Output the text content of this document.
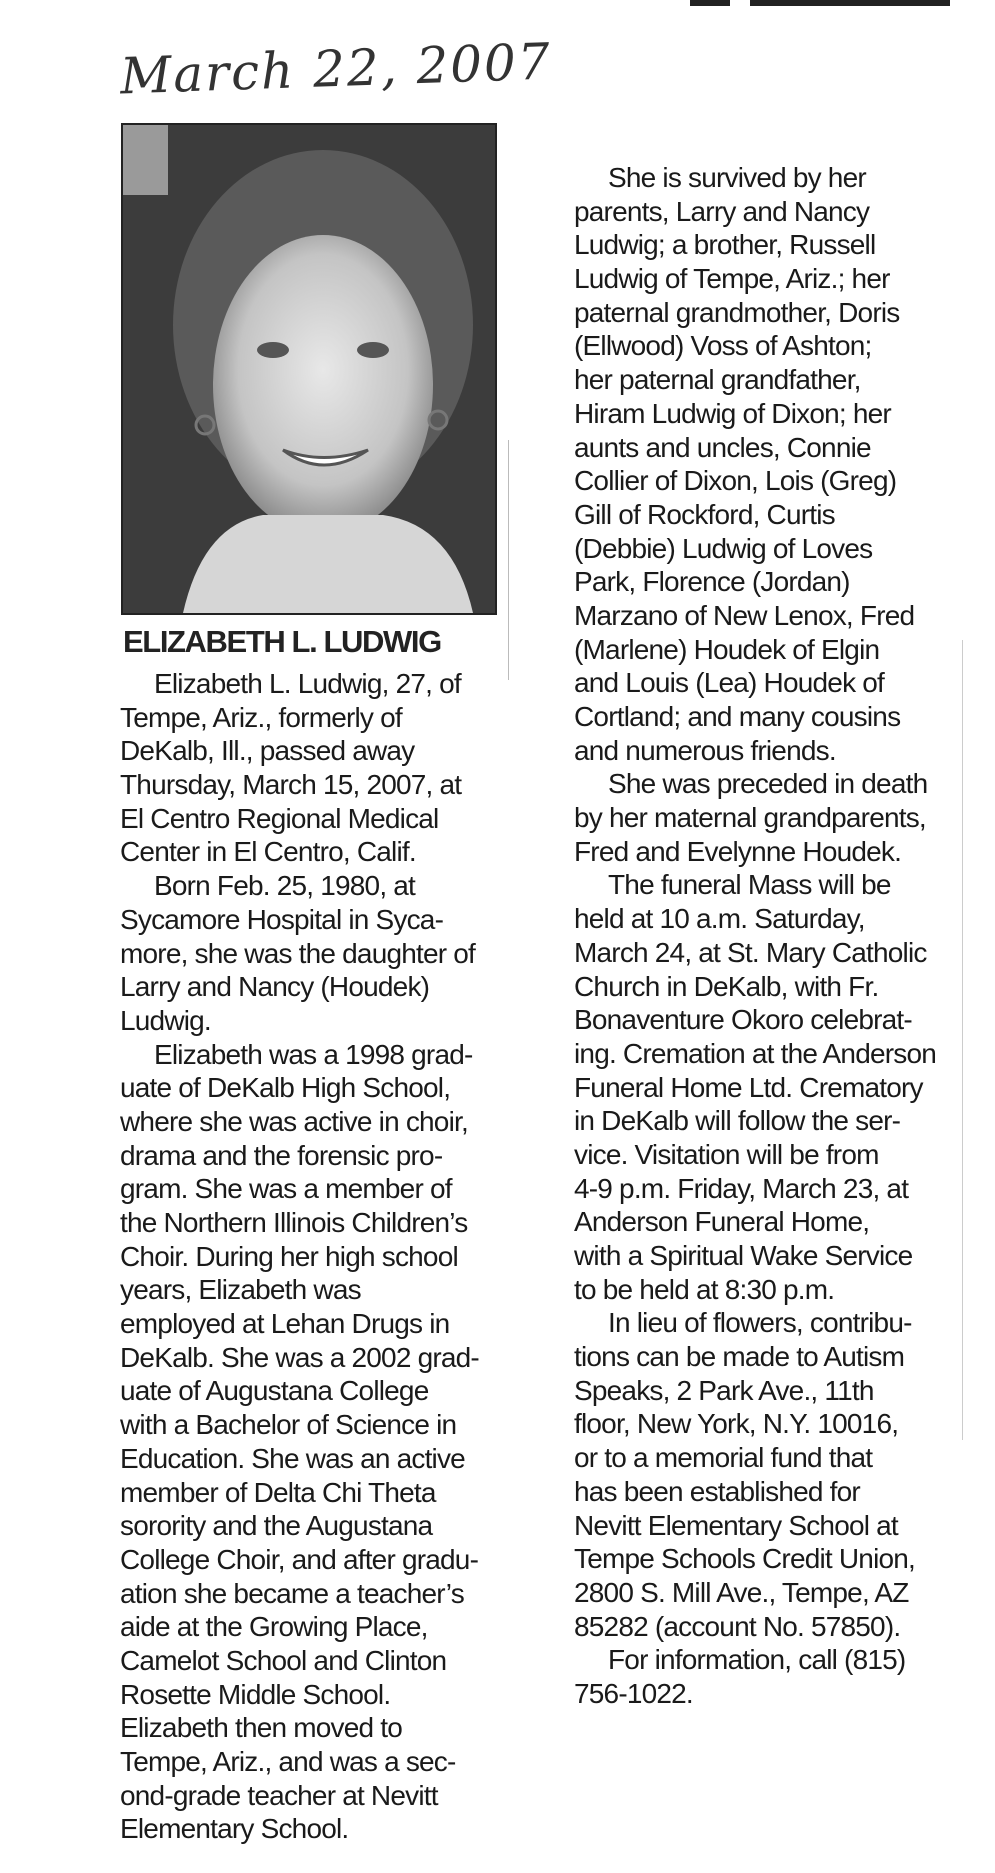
March 22, 2007
ELIZABETH L. LUDWIG
Elizabeth L. Ludwig, 27, of
Tempe, Ariz., formerly of
DeKalb, Ill., passed away
Thursday, March 15, 2007, at
El Centro Regional Medical
Center in El Centro, Calif.
Born Feb. 25, 1980, at
Sycamore Hospital in Syca-
more, she was the daughter of
Larry and Nancy (Houdek)
Ludwig.
Elizabeth was a 1998 grad-
uate of DeKalb High School,
where she was active in choir,
drama and the forensic pro-
gram. She was a member of
the Northern Illinois Children’s
Choir. During her high school
years, Elizabeth was
employed at Lehan Drugs in
DeKalb. She was a 2002 grad-
uate of Augustana College
with a Bachelor of Science in
Education. She was an active
member of Delta Chi Theta
sorority and the Augustana
College Choir, and after gradu-
ation she became a teacher’s
aide at the Growing Place,
Camelot School and Clinton
Rosette Middle School.
Elizabeth then moved to
Tempe, Ariz., and was a sec-
ond-grade teacher at Nevitt
Elementary School.
She is survived by her
parents, Larry and Nancy
Ludwig; a brother, Russell
Ludwig of Tempe, Ariz.; her
paternal grandmother, Doris
(Ellwood) Voss of Ashton;
her paternal grandfather,
Hiram Ludwig of Dixon; her
aunts and uncles, Connie
Collier of Dixon, Lois (Greg)
Gill of Rockford, Curtis
(Debbie) Ludwig of Loves
Park, Florence (Jordan)
Marzano of New Lenox, Fred
(Marlene) Houdek of Elgin
and Louis (Lea) Houdek of
Cortland; and many cousins
and numerous friends.
She was preceded in death
by her maternal grandparents,
Fred and Evelynne Houdek.
The funeral Mass will be
held at 10 a.m. Saturday,
March 24, at St. Mary Catholic
Church in DeKalb, with Fr.
Bonaventure Okoro celebrat-
ing. Cremation at the Anderson
Funeral Home Ltd. Crematory
in DeKalb will follow the ser-
vice. Visitation will be from
4-9 p.m. Friday, March 23, at
Anderson Funeral Home,
with a Spiritual Wake Service
to be held at 8:30 p.m.
In lieu of flowers, contribu-
tions can be made to Autism
Speaks, 2 Park Ave., 11th
floor, New York, N.Y. 10016,
or to a memorial fund that
has been established for
Nevitt Elementary School at
Tempe Schools Credit Union,
2800 S. Mill Ave., Tempe, AZ
85282 (account No. 57850).
For information, call (815)
756-1022.
